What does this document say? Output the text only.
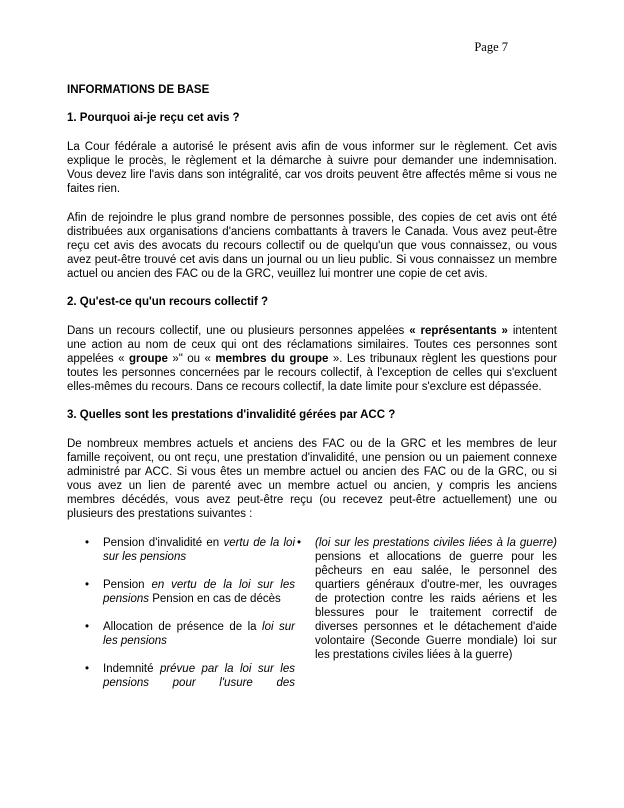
Page 7
INFORMATIONS DE BASE
1. Pourquoi ai-je reçu cet avis ?

La Cour fédérale a autorisé le présent avis afin de vous informer sur le règlement. Cet avis explique le procès, le règlement et la démarche à suivre pour demander une indemnisation. Vous devez lire l'avis dans son intégralité, car vos droits peuvent être affectés même si vous ne faites rien.

Afin de rejoindre le plus grand nombre de personnes possible, des copies de cet avis ont été distribuées aux organisations d'anciens combattants à travers le Canada. Vous avez peut-être reçu cet avis des avocats du recours collectif ou de quelqu'un que vous connaissez, ou vous avez peut-être trouvé cet avis dans un journal ou un lieu public. Si vous connaissez un membre actuel ou ancien des FAC ou de la GRC, veuillez lui montrer une copie de cet avis.

2. Qu'est-ce qu'un recours collectif ?

Dans un recours collectif, une ou plusieurs personnes appelées « représentants » intentent une action au nom de ceux qui ont des réclamations similaires. Toutes ces personnes sont appelées « groupe »" ou « membres du groupe ». Les tribunaux règlent les questions pour toutes les personnes concernées par le recours collectif, à l'exception de celles qui s'excluent elles-mêmes du recours. Dans ce recours collectif, la date limite pour s'exclure est dépassée.

3. Quelles sont les prestations d'invalidité gérées par ACC ?

De nombreux membres actuels et anciens des FAC ou de la GRC et les membres de leur famille reçoivent, ou ont reçu, une prestation d'invalidité, une pension ou un paiement connexe administré par ACC. Si vous êtes un membre actuel ou ancien des FAC ou de la GRC, ou si vous avez un lien de parenté avec un membre actuel ou ancien, y compris les anciens membres décédés, vous avez peut-être reçu (ou recevez peut-être actuellement) une ou plusieurs des prestations suivantes :

• Pension d'invalidité en vertu de la loi sur les pensions
• Pension en vertu de la loi sur les pensions Pension en cas de décès
• Allocation de présence de la loi sur les pensions
• Indemnité prévue par la loi sur les pensions pour l'usure des
• (loi sur les prestations civiles liées à la guerre) pensions et allocations de guerre pour les pêcheurs en eau salée, le personnel des quartiers généraux d'outre-mer, les ouvrages de protection contre les raids aériens et les blessures pour le traitement correctif de diverses personnes et le détachement d'aide volontaire (Seconde Guerre mondiale) loi sur les prestations civiles liées à la guerre)
